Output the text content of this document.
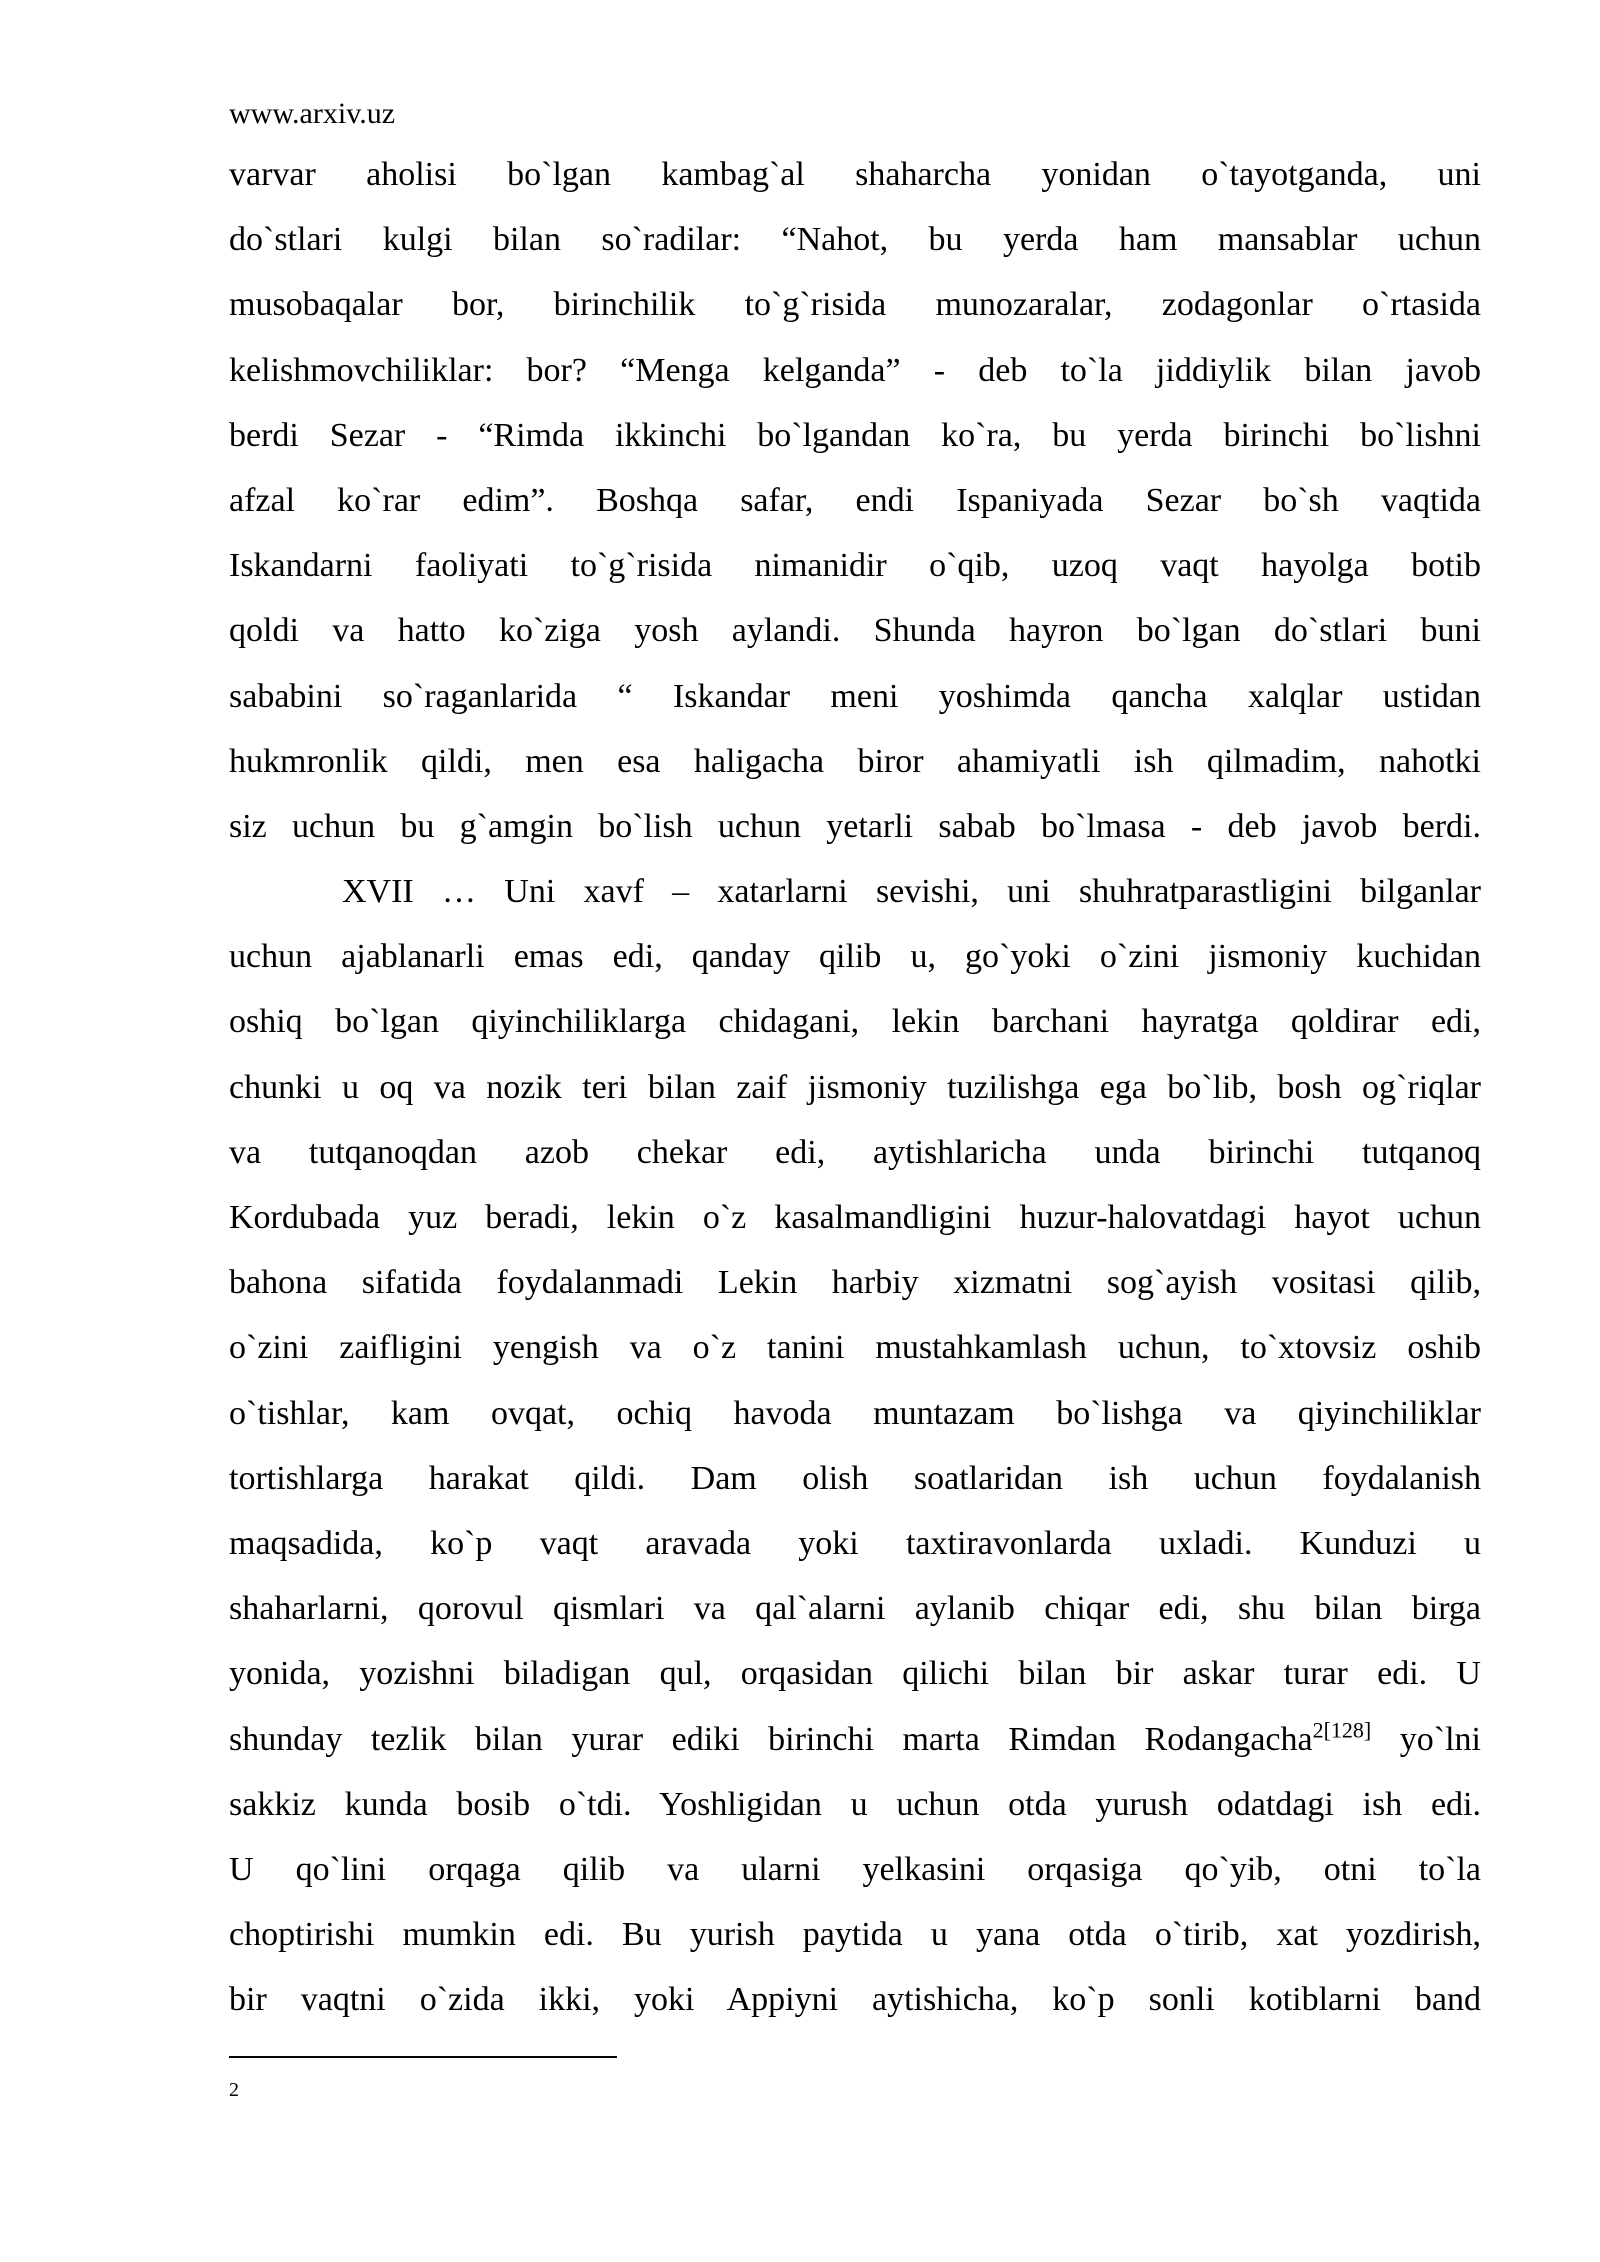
www.arxiv.uz
varvar aholisi bo`lgan kambag`al shaharcha yonidan o`tayotganda, uni
do`stlari kulgi bilan so`radilar: “Nahot, bu yerda ham mansablar uchun
musobaqalar bor, birinchilik to`g`risida munozaralar, zodagonlar o`rtasida
kelishmovchiliklar: bor? “Menga kelganda” - deb to`la jiddiylik bilan javob
berdi Sezar - “Rimda ikkinchi bo`lgandan ko`ra, bu yerda birinchi bo`lishni
afzal ko`rar edim”. Boshqa safar, endi Ispaniyada Sezar bo`sh vaqtida
Iskandarni faoliyati to`g`risida nimanidir o`qib, uzoq vaqt hayolga botib
qoldi va hatto ko`ziga yosh aylandi. Shunda hayron bo`lgan do`stlari buni
sababini so`raganlarida “ Iskandar meni yoshimda qancha xalqlar ustidan
hukmronlik qildi, men esa haligacha biror ahamiyatli ish qilmadim, nahotki
siz uchun bu g`amgin bo`lish uchun yetarli sabab bo`lmasa - deb javob berdi.
XVII … Uni xavf – xatarlarni sevishi, uni shuhratparastligini bilganlar
uchun ajablanarli emas edi, qanday qilib u, go`yoki o`zini jismoniy kuchidan
oshiq bo`lgan qiyinchiliklarga chidagani, lekin barchani hayratga qoldirar edi,
chunki u oq va nozik teri bilan zaif jismoniy tuzilishga ega bo`lib, bosh og`riqlar
va tutqanoqdan azob chekar edi, aytishlaricha unda birinchi tutqanoq
Kordubada yuz beradi, lekin o`z kasalmandligini huzur-halovatdagi hayot uchun
bahona sifatida foydalanmadi Lekin harbiy xizmatni sog`ayish vositasi qilib,
o`zini zaifligini yengish va o`z tanini mustahkamlash uchun, to`xtovsiz oshib
o`tishlar, kam ovqat, ochiq havoda muntazam bo`lishga va qiyinchiliklar
tortishlarga harakat qildi. Dam olish soatlaridan ish uchun foydalanish
maqsadida, ko`p vaqt aravada yoki taxtiravonlarda uxladi. Kunduzi u
shaharlarni, qorovul qismlari va qal`alarni aylanib chiqar edi, shu bilan birga
yonida, yozishni biladigan qul, orqasidan qilichi bilan bir askar turar edi. U
shunday tezlik bilan yurar ediki birinchi marta Rimdan Rodangacha$^{2[128]}$ yo`lni
sakkiz kunda bosib o`tdi. Yoshligidan u uchun otda yurush odatdagi ish edi.
U qo`lini orqaga qilib va ularni yelkasini orqasiga qo`yib, otni to`la
choptirishi mumkin edi. Bu yurish paytida u yana otda o`tirib, xat yozdirish,
bir vaqtni o`zida ikki, yoki Appiyni aytishicha, ko`p sonli kotiblarni band
2
